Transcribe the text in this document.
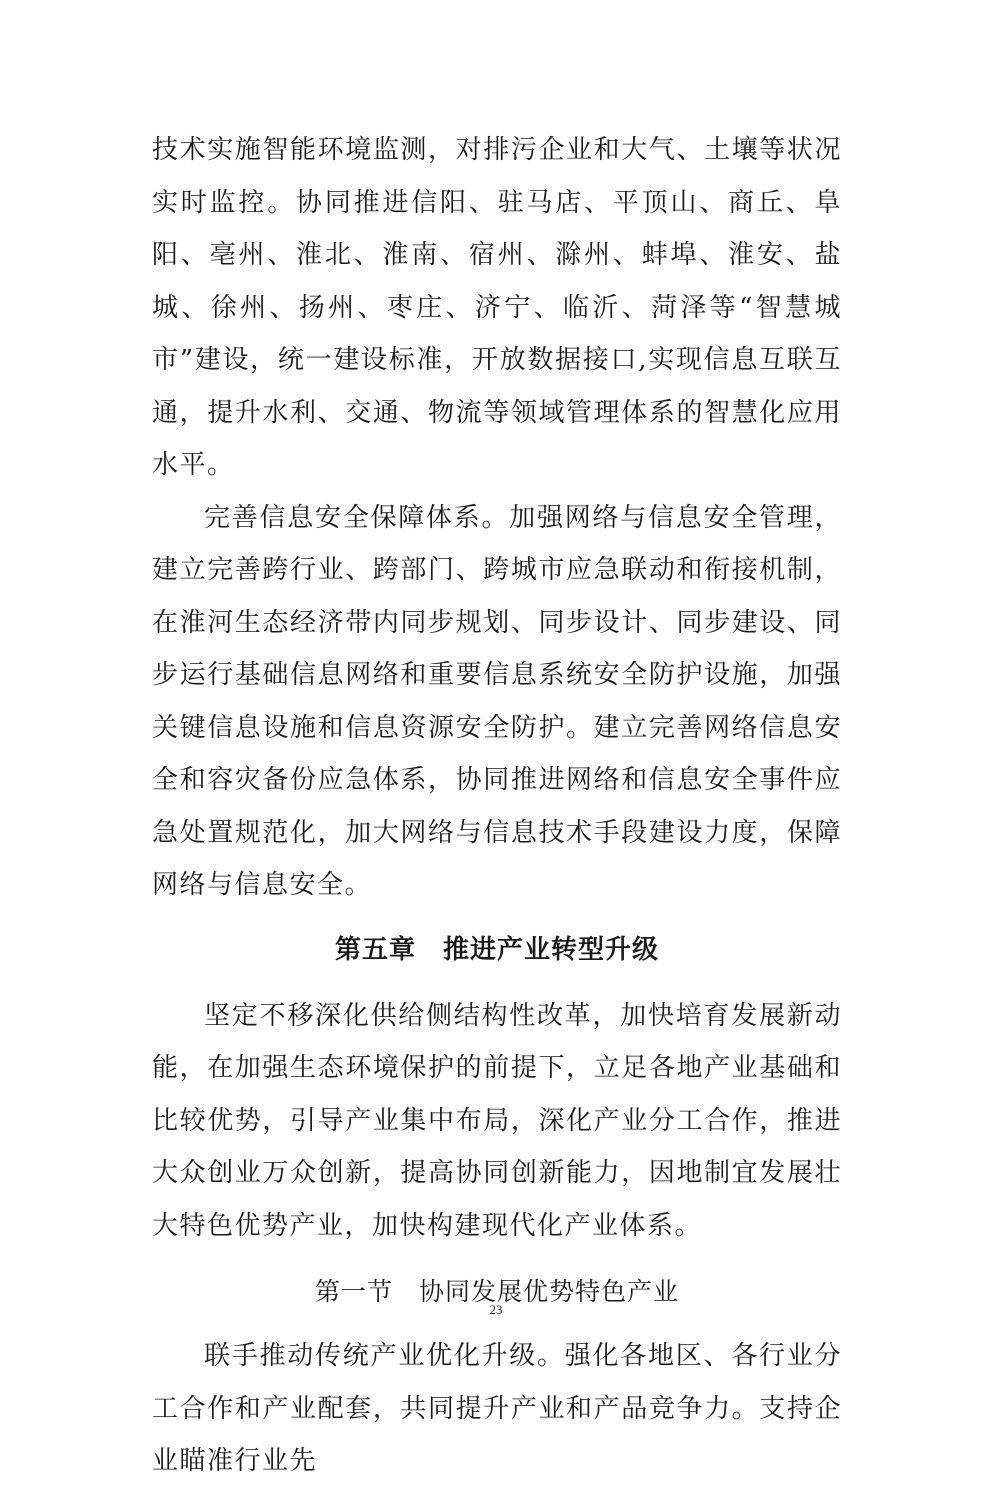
技术实施智能环境监测，对排污企业和大气、土壤等状况实时监控。协同推进信阳、驻马店、平顶山、商丘、阜阳、亳州、淮北、淮南、宿州、滁州、蚌埠、淮安、盐城、徐州、扬州、枣庄、济宁、临沂、菏泽等“智慧城市”建设，统一建设标准，开放数据接口,实现信息互联互通，提升水利、交通、物流等领域管理体系的智慧化应用水平。

完善信息安全保障体系。加强网络与信息安全管理，建立完善跨行业、跨部门、跨城市应急联动和衔接机制，在淮河生态经济带内同步规划、同步设计、同步建设、同步运行基础信息网络和重要信息系统安全防护设施，加强关键信息设施和信息资源安全防护。建立完善网络信息安全和容灾备份应急体系，协同推进网络和信息安全事件应急处置规范化，加大网络与信息技术手段建设力度，保障网络与信息安全。

第五章　推进产业转型升级

坚定不移深化供给侧结构性改革，加快培育发展新动能，在加强生态环境保护的前提下，立足各地产业基础和比较优势，引导产业集中布局，深化产业分工合作，推进大众创业万众创新，提高协同创新能力，因地制宜发展壮大特色优势产业，加快构建现代化产业体系。

第一节　协同发展优势特色产业

联手推动传统产业优化升级。强化各地区、各行业分工合作和产业配套，共同提升产业和产品竞争力。支持企业瞄准行业先

23
